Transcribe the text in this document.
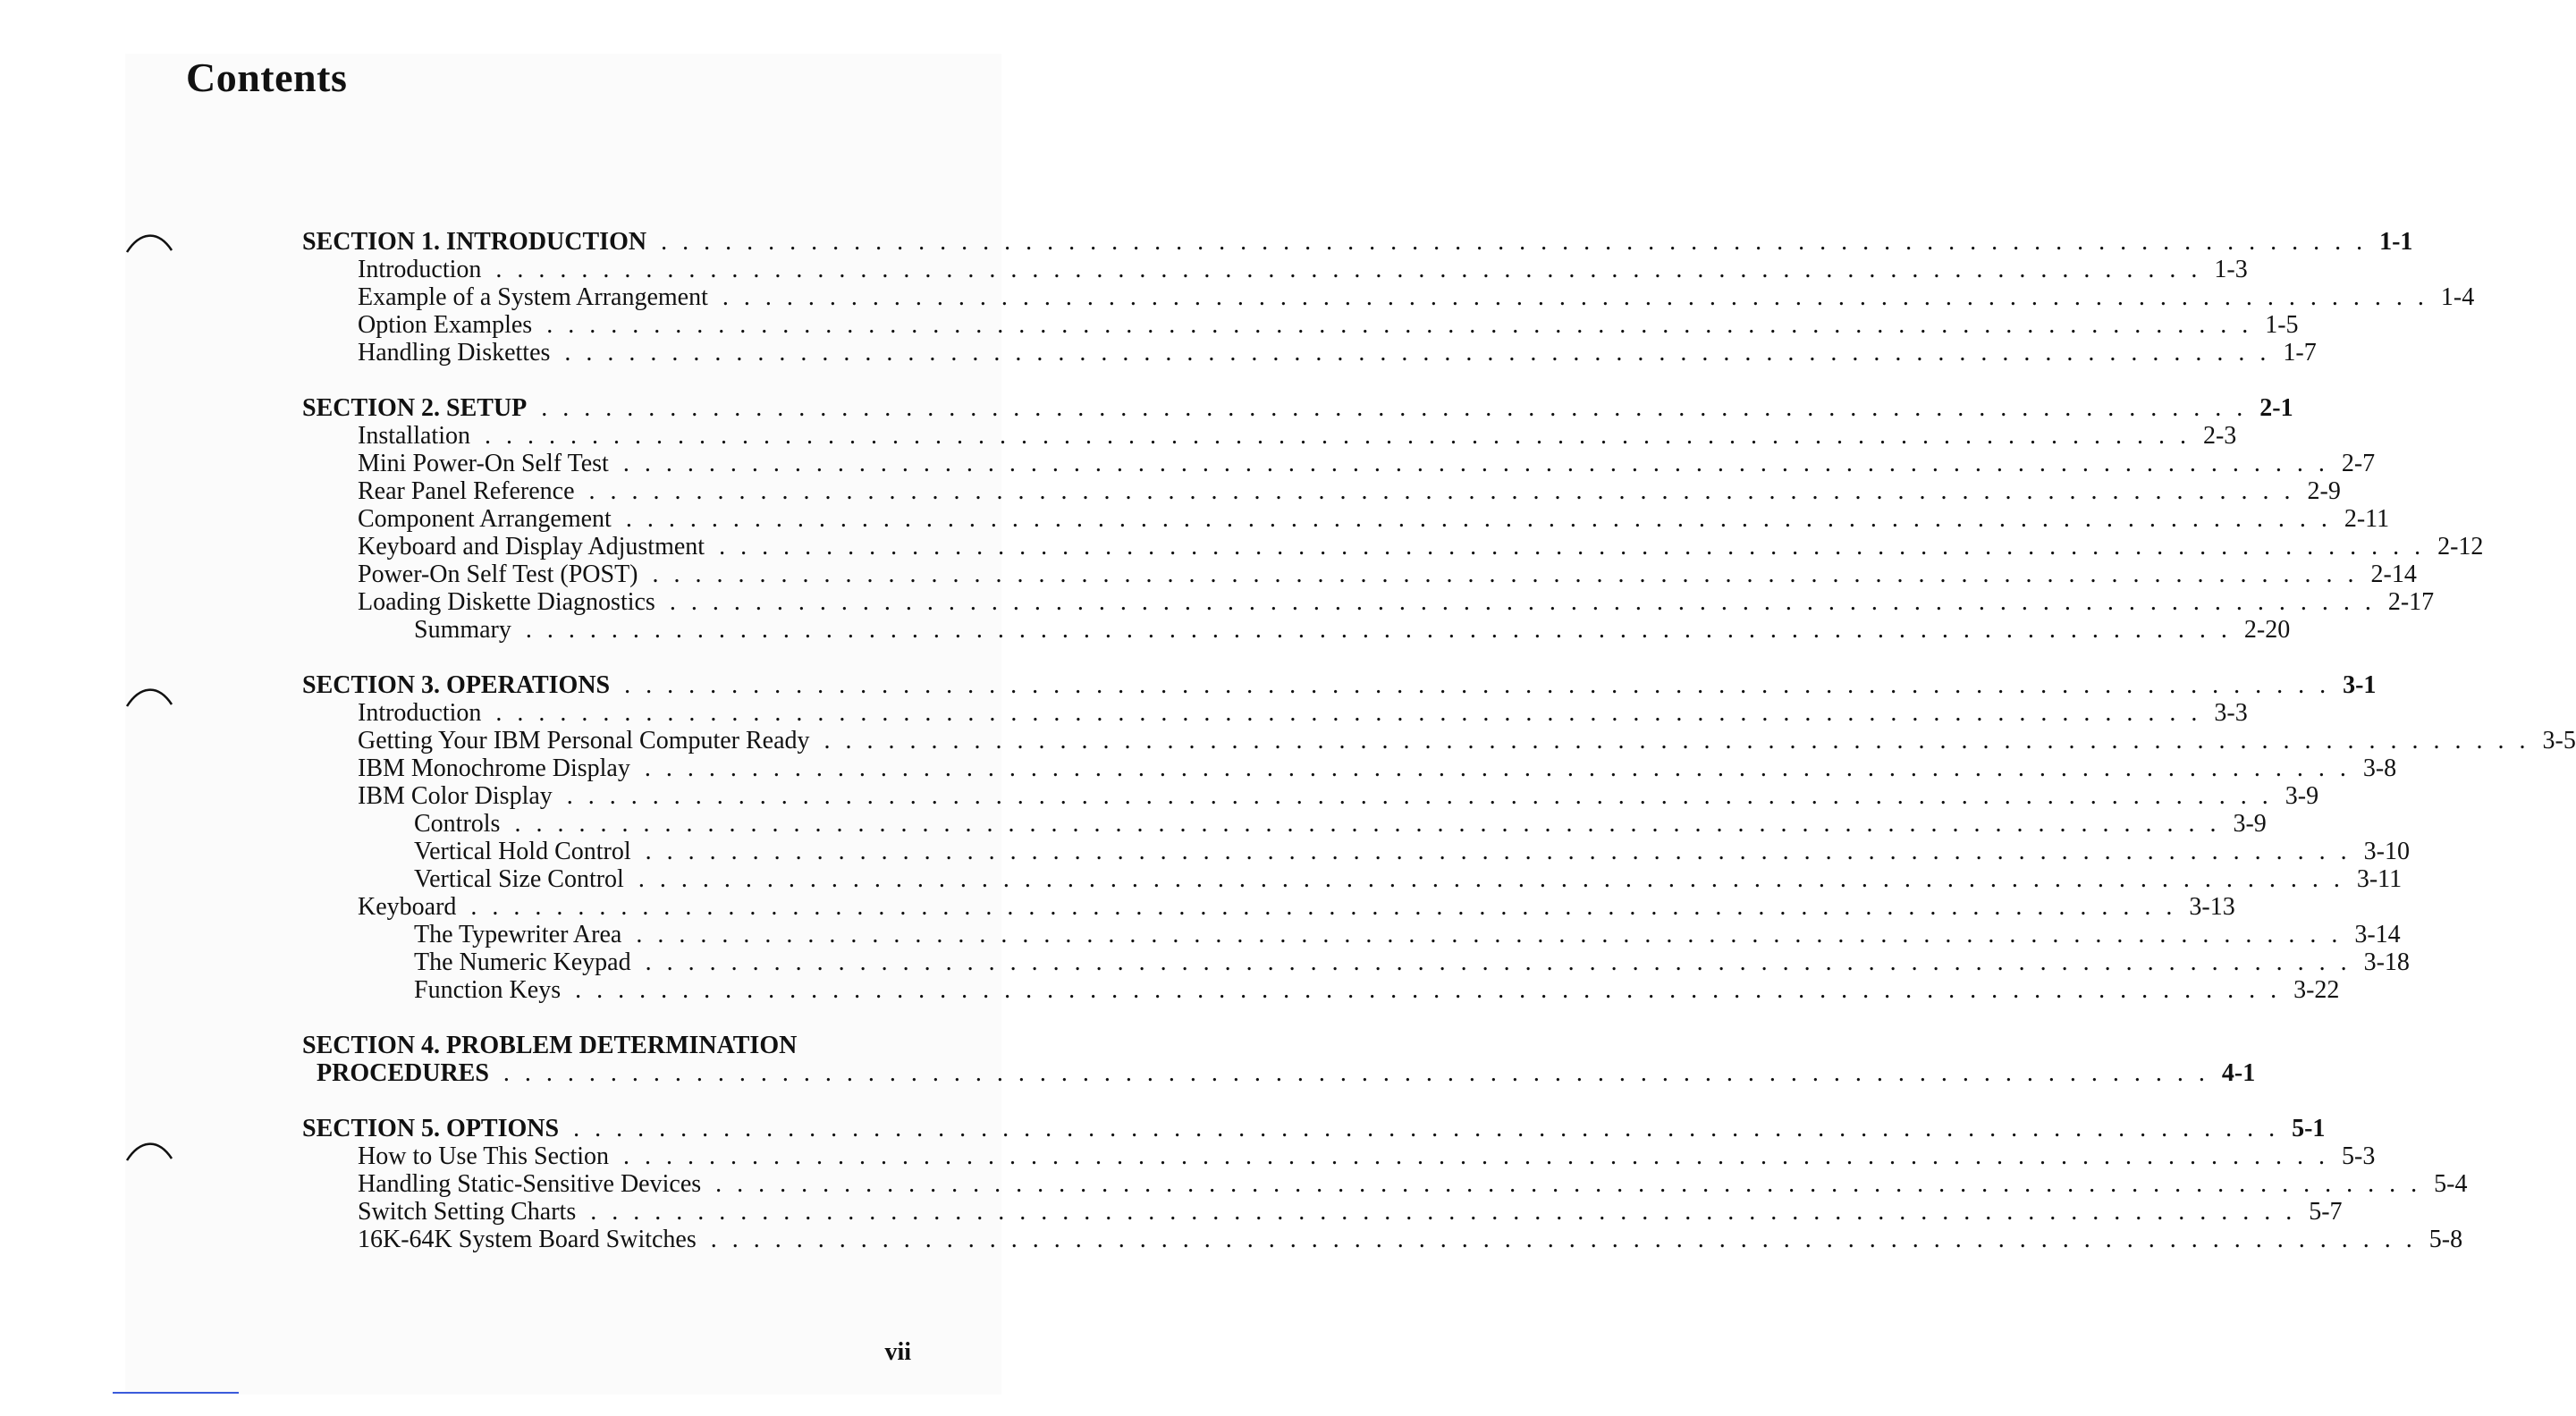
Contents
SECTION 1. INTRODUCTION . . . . . . . . . . . . . . . . . . . . . . . . . . . . . . . . . . . . . . . . . . . . . . . . . . . . . . . . . . . . . . . . . . . . . . . . . . . . . . . . 1-1
Introduction . . . . . . . . . . . . . . . . . . . . . . . . . . . . . . . . . . . . . . . . . . . . . . . . . . . . . . . . . . . . . . . . . . . . . . . . . . . . . . . . 1-3
Example of a System Arrangement . . . . . . . . . . . . . . . . . . . . . . . . . . . . . . . . . . . . . . . . . . . . . . . . . . . . . . . . . . . . . . . . . . . . . . . . . . . . . . . . 1-4
Option Examples . . . . . . . . . . . . . . . . . . . . . . . . . . . . . . . . . . . . . . . . . . . . . . . . . . . . . . . . . . . . . . . . . . . . . . . . . . . . . . . . 1-5
Handling Diskettes . . . . . . . . . . . . . . . . . . . . . . . . . . . . . . . . . . . . . . . . . . . . . . . . . . . . . . . . . . . . . . . . . . . . . . . . . . . . . . . . 1-7
SECTION 2. SETUP . . . . . . . . . . . . . . . . . . . . . . . . . . . . . . . . . . . . . . . . . . . . . . . . . . . . . . . . . . . . . . . . . . . . . . . . . . . . . . . . 2-1
Installation . . . . . . . . . . . . . . . . . . . . . . . . . . . . . . . . . . . . . . . . . . . . . . . . . . . . . . . . . . . . . . . . . . . . . . . . . . . . . . . . 2-3
Mini Power-On Self Test . . . . . . . . . . . . . . . . . . . . . . . . . . . . . . . . . . . . . . . . . . . . . . . . . . . . . . . . . . . . . . . . . . . . . . . . . . . . . . . . 2-7
Rear Panel Reference . . . . . . . . . . . . . . . . . . . . . . . . . . . . . . . . . . . . . . . . . . . . . . . . . . . . . . . . . . . . . . . . . . . . . . . . . . . . . . . . 2-9
Component Arrangement . . . . . . . . . . . . . . . . . . . . . . . . . . . . . . . . . . . . . . . . . . . . . . . . . . . . . . . . . . . . . . . . . . . . . . . . . . . . . . . . 2-11
Keyboard and Display Adjustment . . . . . . . . . . . . . . . . . . . . . . . . . . . . . . . . . . . . . . . . . . . . . . . . . . . . . . . . . . . . . . . . . . . . . . . . . . . . . . . . 2-12
Power-On Self Test (POST) . . . . . . . . . . . . . . . . . . . . . . . . . . . . . . . . . . . . . . . . . . . . . . . . . . . . . . . . . . . . . . . . . . . . . . . . . . . . . . . . 2-14
Loading Diskette Diagnostics . . . . . . . . . . . . . . . . . . . . . . . . . . . . . . . . . . . . . . . . . . . . . . . . . . . . . . . . . . . . . . . . . . . . . . . . . . . . . . . . 2-17
Summary . . . . . . . . . . . . . . . . . . . . . . . . . . . . . . . . . . . . . . . . . . . . . . . . . . . . . . . . . . . . . . . . . . . . . . . . . . . . . . . . 2-20
SECTION 3. OPERATIONS . . . . . . . . . . . . . . . . . . . . . . . . . . . . . . . . . . . . . . . . . . . . . . . . . . . . . . . . . . . . . . . . . . . . . . . . . . . . . . . . 3-1
Introduction . . . . . . . . . . . . . . . . . . . . . . . . . . . . . . . . . . . . . . . . . . . . . . . . . . . . . . . . . . . . . . . . . . . . . . . . . . . . . . . . 3-3
Getting Your IBM Personal Computer Ready . . . . . . . . . . . . . . . . . . . . . . . . . . . . . . . . . . . . . . . . . . . . . . . . . . . . . . . . . . . . . . . . . . . . . . . . . . . . . . . . 3-5
IBM Monochrome Display . . . . . . . . . . . . . . . . . . . . . . . . . . . . . . . . . . . . . . . . . . . . . . . . . . . . . . . . . . . . . . . . . . . . . . . . . . . . . . . . 3-8
IBM Color Display . . . . . . . . . . . . . . . . . . . . . . . . . . . . . . . . . . . . . . . . . . . . . . . . . . . . . . . . . . . . . . . . . . . . . . . . . . . . . . . . 3-9
Controls . . . . . . . . . . . . . . . . . . . . . . . . . . . . . . . . . . . . . . . . . . . . . . . . . . . . . . . . . . . . . . . . . . . . . . . . . . . . . . . . 3-9
Vertical Hold Control . . . . . . . . . . . . . . . . . . . . . . . . . . . . . . . . . . . . . . . . . . . . . . . . . . . . . . . . . . . . . . . . . . . . . . . . . . . . . . . . 3-10
Vertical Size Control . . . . . . . . . . . . . . . . . . . . . . . . . . . . . . . . . . . . . . . . . . . . . . . . . . . . . . . . . . . . . . . . . . . . . . . . . . . . . . . . 3-11
Keyboard . . . . . . . . . . . . . . . . . . . . . . . . . . . . . . . . . . . . . . . . . . . . . . . . . . . . . . . . . . . . . . . . . . . . . . . . . . . . . . . . 3-13
The Typewriter Area . . . . . . . . . . . . . . . . . . . . . . . . . . . . . . . . . . . . . . . . . . . . . . . . . . . . . . . . . . . . . . . . . . . . . . . . . . . . . . . . 3-14
The Numeric Keypad . . . . . . . . . . . . . . . . . . . . . . . . . . . . . . . . . . . . . . . . . . . . . . . . . . . . . . . . . . . . . . . . . . . . . . . . . . . . . . . . 3-18
Function Keys . . . . . . . . . . . . . . . . . . . . . . . . . . . . . . . . . . . . . . . . . . . . . . . . . . . . . . . . . . . . . . . . . . . . . . . . . . . . . . . . 3-22
SECTION 4. PROBLEM DETERMINATION
PROCEDURES . . . . . . . . . . . . . . . . . . . . . . . . . . . . . . . . . . . . . . . . . . . . . . . . . . . . . . . . . . . . . . . . . . . . . . . . . . . . . . . . 4-1
SECTION 5. OPTIONS . . . . . . . . . . . . . . . . . . . . . . . . . . . . . . . . . . . . . . . . . . . . . . . . . . . . . . . . . . . . . . . . . . . . . . . . . . . . . . . . 5-1
How to Use This Section . . . . . . . . . . . . . . . . . . . . . . . . . . . . . . . . . . . . . . . . . . . . . . . . . . . . . . . . . . . . . . . . . . . . . . . . . . . . . . . . 5-3
Handling Static-Sensitive Devices . . . . . . . . . . . . . . . . . . . . . . . . . . . . . . . . . . . . . . . . . . . . . . . . . . . . . . . . . . . . . . . . . . . . . . . . . . . . . . . . 5-4
Switch Setting Charts . . . . . . . . . . . . . . . . . . . . . . . . . . . . . . . . . . . . . . . . . . . . . . . . . . . . . . . . . . . . . . . . . . . . . . . . . . . . . . . . 5-7
16K-64K System Board Switches . . . . . . . . . . . . . . . . . . . . . . . . . . . . . . . . . . . . . . . . . . . . . . . . . . . . . . . . . . . . . . . . . . . . . . . . . . . . . . . . 5-8
vii
